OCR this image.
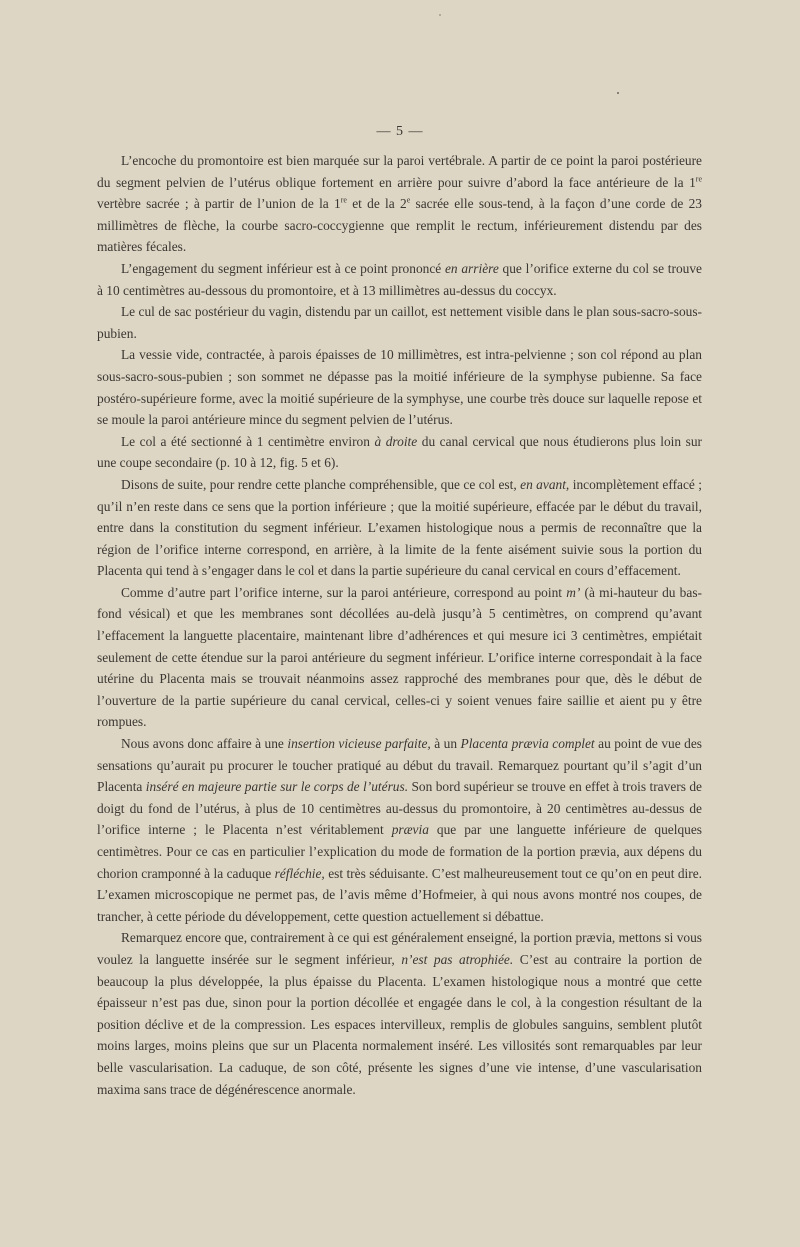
— 5 —

L’encoche du promontoire est bien marquée sur la paroi vertébrale. A partir de ce point la paroi postérieure du segment pelvien de l’utérus oblique fortement en arrière pour suivre d’abord la face antérieure de la 1re vertèbre sacrée ; à partir de l’union de la 1re et de la 2e sacrée elle sous-tend, à la façon d’une corde de 23 millimètres de flèche, la courbe sacro-coccygienne que remplit le rectum, inférieurement distendu par des matières fécales.

L’engagement du segment inférieur est à ce point prononcé en arrière que l’orifice externe du col se trouve à 10 centimètres au-dessous du promontoire, et à 13 millimètres au-dessus du coccyx.

Le cul de sac postérieur du vagin, distendu par un caillot, est nettement visible dans le plan sous-sacro-sous-pubien.

La vessie vide, contractée, à parois épaisses de 10 millimètres, est intra-pelvienne ; son col répond au plan sous-sacro-sous-pubien ; son sommet ne dépasse pas la moitié inférieure de la symphyse pubienne. Sa face postéro-supérieure forme, avec la moitié supérieure de la symphyse, une courbe très douce sur laquelle repose et se moule la paroi antérieure mince du segment pelvien de l’utérus.

Le col a été sectionné à 1 centimètre environ à droite du canal cervical que nous étudierons plus loin sur une coupe secondaire (p. 10 à 12, fig. 5 et 6).

Disons de suite, pour rendre cette planche compréhensible, que ce col est, en avant, incomplètement effacé ; qu’il n’en reste dans ce sens que la portion inférieure ; que la moitié supérieure, effacée par le début du travail, entre dans la constitution du segment inférieur. L’examen histologique nous a permis de reconnaître que la région de l’orifice interne correspond, en arrière, à la limite de la fente aisément suivie sous la portion du Placenta qui tend à s’engager dans le col et dans la partie supérieure du canal cervical en cours d’effacement.

Comme d’autre part l’orifice interne, sur la paroi antérieure, correspond au point m’ (à mi-hauteur du bas-fond vésical) et que les membranes sont décollées au-delà jusqu’à 5 centimètres, on comprend qu’avant l’effacement la languette placentaire, maintenant libre d’adhérences et qui mesure ici 3 centimètres, empiétait seulement de cette étendue sur la paroi antérieure du segment inférieur. L’orifice interne correspondait à la face utérine du Placenta mais se trouvait néanmoins assez rapproché des membranes pour que, dès le début de l’ouverture de la partie supérieure du canal cervical, celles-ci y soient venues faire saillie et aient pu y être rompues.

Nous avons donc affaire à une insertion vicieuse parfaite, à un Placenta prævia complet au point de vue des sensations qu’aurait pu procurer le toucher pratiqué au début du travail. Remarquez pourtant qu’il s’agit d’un Placenta inséré en majeure partie sur le corps de l’utérus. Son bord supérieur se trouve en effet à trois travers de doigt du fond de l’utérus, à plus de 10 centimètres au-dessus du promontoire, à 20 centimètres au-dessus de l’orifice interne ; le Placenta n’est véritablement prævia que par une languette inférieure de quelques centimètres. Pour ce cas en particulier l’explication du mode de formation de la portion prævia, aux dépens du chorion cramponné à la caduque réfléchie, est très séduisante. C’est malheureusement tout ce qu’on en peut dire. L’examen microscopique ne permet pas, de l’avis même d’Hofmeier, à qui nous avons montré nos coupes, de trancher, à cette période du développement, cette question actuellement si débattue.

Remarquez encore que, contrairement à ce qui est généralement enseigné, la portion prævia, mettons si vous voulez la languette insérée sur le segment inférieur, n’est pas atrophiée. C’est au contraire la portion de beaucoup la plus développée, la plus épaisse du Placenta. L’examen histologique nous a montré que cette épaisseur n’est pas due, sinon pour la portion décollée et engagée dans le col, à la congestion résultant de la position déclive et de la compression. Les espaces intervilleux, remplis de globules sanguins, semblent plutôt moins larges, moins pleins que sur un Placenta normalement inséré. Les villosités sont remarquables par leur belle vascularisation. La caduque, de son côté, présente les signes d’une vie intense, d’une vascularisation maxima sans trace de dégénérescence anormale.
